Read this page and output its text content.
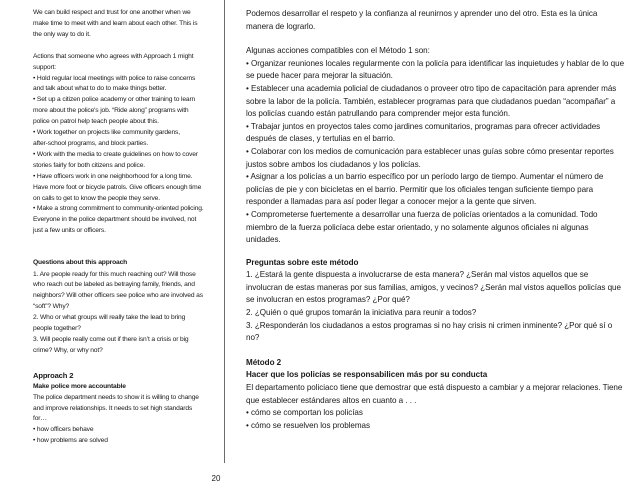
We can build respect and trust for one another when we
make time to meet with and learn about each other. This is
the only way to do it.
Actions that someone who agrees with Approach 1 might
support:
• Hold regular local meetings with police to raise concerns
and talk about what to do to make things better.
• Set up a citizen police academy or other training to learn
more about the police's job. “Ride along” programs with
police on patrol help teach people about this.
• Work together on projects like community gardens,
after-school programs, and block parties.
• Work with the media to create guidelines on how to cover
stories fairly for both citizens and police.
• Have officers work in one neighborhood for a long time.
Have more foot or bicycle patrols. Give officers enough time
on calls to get to know the people they serve.
• Make a strong commitment to community-oriented policing.
Everyone in the police department should be involved, not
just a few units or officers.
Questions about this approach
1. Are people ready for this much reaching out? Will those
who reach out be labeled as betraying family, friends, and
neighbors? Will other officers see police who are involved as
“soft”? Why?
2. Who or what groups will really take the lead to bring
people together?
3. Will people really come out if there isn’t a crisis or big
crime? Why, or why not?
Approach 2
Make police more accountable
The police department needs to show it is willing to change
and improve relationships. It needs to set high standards
for…
• how officers behave
• how problems are solved
Podemos desarrollar el respeto y la confianza al reunirnos y aprender uno del otro. Esta es la única
manera de lograrlo.
Algunas acciones compatibles con el Método 1 son:
• Organizar reuniones locales regularmente con la policía para identificar las inquietudes y hablar de lo que
se puede hacer para mejorar la situación.
• Establecer una academia policial de ciudadanos o proveer otro tipo de capacitación para aprender más
sobre la labor de la policía. También, establecer programas para que ciudadanos puedan “acompañar” a
los policías cuando están patrullando para comprender mejor esta función.
• Trabajar juntos en proyectos tales como jardines comunitarios, programas para ofrecer actividades
después de clases, y tertulias en el barrio.
• Colaborar con los medios de comunicación para establecer unas guías sobre cómo presentar reportes
justos sobre ambos los ciudadanos y los policías.
• Asignar a los policías a un barrio específico por un período largo de tiempo. Aumentar el número de
policías de pie y con bicicletas en el barrio. Permitir que los oficiales tengan suficiente tiempo para
responder a llamadas para así poder llegar a conocer mejor a la gente que sirven.
• Comprometerse fuertemente a desarrollar una fuerza de policías orientados a la comunidad. Todo
miembro de la fuerza policíaca debe estar orientado, y no solamente algunos oficiales ni algunas
unidades.
Preguntas sobre este método
1. ¿Estará la gente dispuesta a involucrarse de esta manera? ¿Serán mal vistos aquellos que se
involucran de estas maneras por sus familias, amigos, y vecinos? ¿Serán mal vistos aquellos policías que
se involucran en estos programas? ¿Por qué?
2. ¿Quién o qué grupos tomarán la iniciativa para reunir a todos?
3. ¿Responderán los ciudadanos a estos programas si no hay crisis ni crimen inminente? ¿Por qué sí o
no?
Método 2
Hacer que los policías se responsabilicen más por su conducta
El departamento policiaco tiene que demostrar que está dispuesto a cambiar y a mejorar relaciones. Tiene
que establecer estándares altos en cuanto a . . .
• cómo se comportan los policías
• cómo se resuelven los problemas
20
